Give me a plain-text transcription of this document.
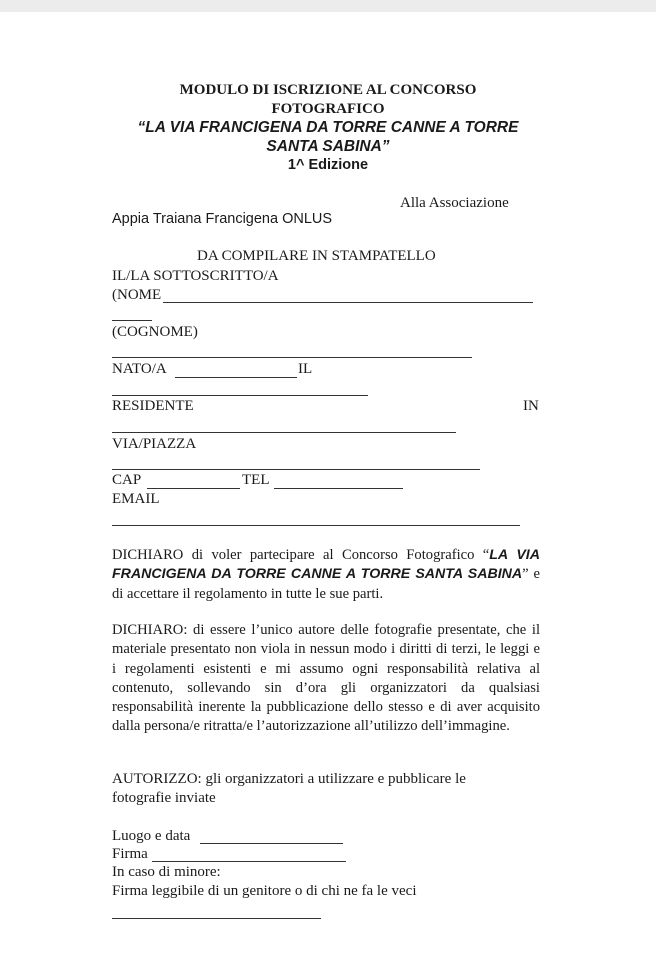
MODULO DI ISCRIZIONE AL CONCORSO
FOTOGRAFICO
“LA VIA FRANCIGENA DA TORRE CANNE A TORRE
SANTA SABINA”
1^ Edizione
Alla Associazione
Appia Traiana Francigena ONLUS
DA COMPILARE IN STAMPATELLO
IL/LA SOTTOSCRITTO/A
(NOME
(COGNOME)
NATO/A	IL
RESIDENTE	IN
VIA/PIAZZA
CAP	TEL
EMAIL

DICHIARO di voler partecipare al Concorso Fotografico “LA VIA FRANCIGENA DA TORRE CANNE A TORRE SANTA SABINA” e di accettare il regolamento in tutte le sue parti.

DICHIARO: di essere l’unico autore delle fotografie presentate, che il materiale presentato non viola in nessun modo i diritti di terzi, le leggi e i regolamenti esistenti e mi assumo ogni responsabilità relativa al contenuto, sollevando sin d’ora gli organizzatori da qualsiasi responsabilità inerente la pubblicazione dello stesso e di aver acquisito dalla persona/e ritratta/e l’autorizzazione all’utilizzo dell’immagine.

AUTORIZZO: gli organizzatori a utilizzare e pubblicare le
fotografie inviate
Luogo e data
Firma
In caso di minore:
Firma leggibile di un genitore o di chi ne fa le veci
